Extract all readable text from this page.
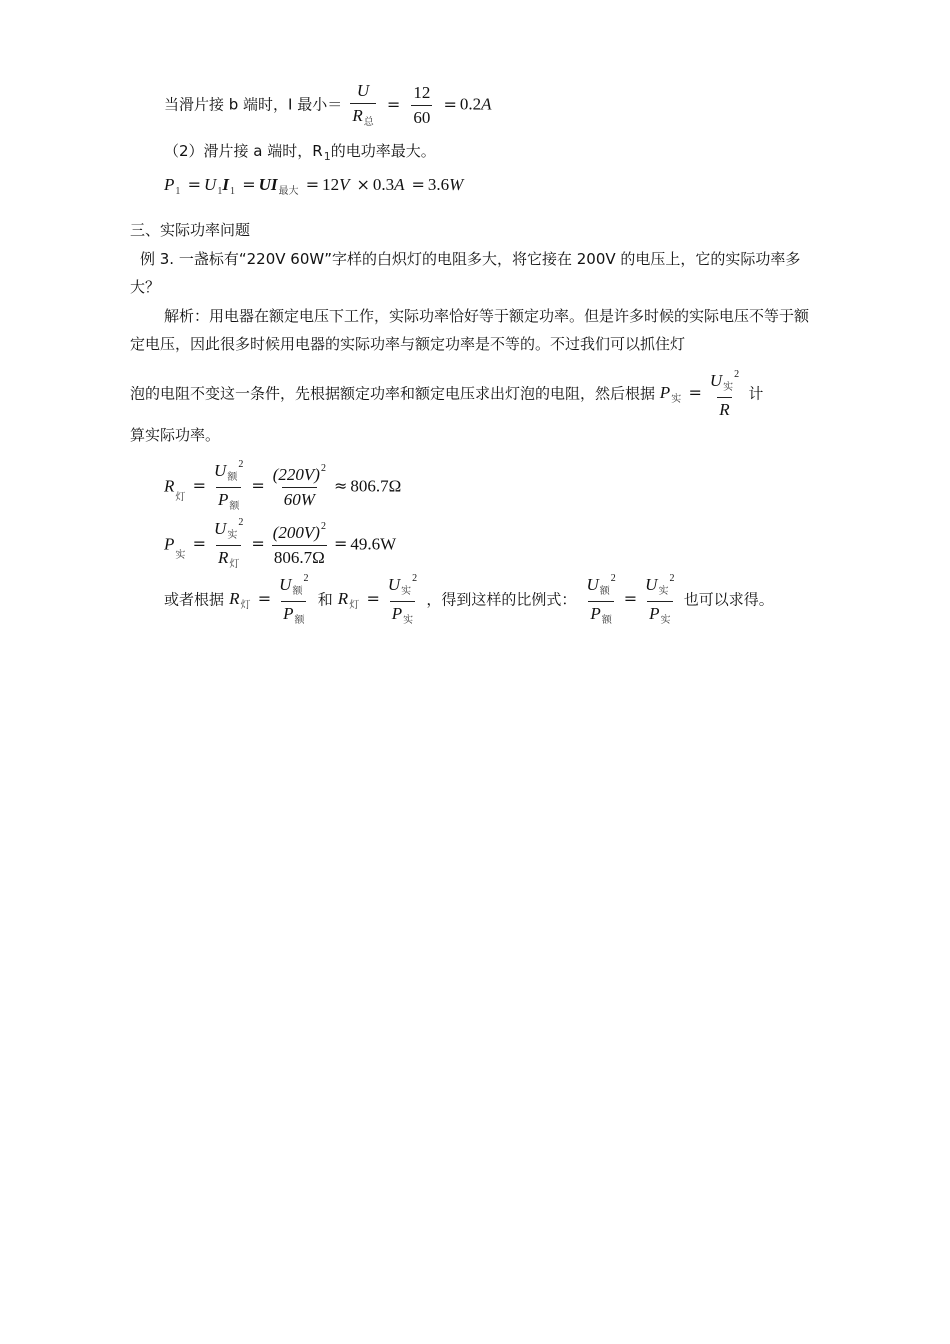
当滑片接 b 端时，I 最小＝ $\frac{U}{R_总} = \frac{12}{60} = 0.2A$
（2）滑片接 a 端时，$R_1$的电功率最大。
$P_1 = U_1I_1 = UI_{最大} = 12V \times 0.3A = 3.6W$
三、实际功率问题
例 3. 一盏标有“220V 60W”字样的白炽灯的电阻多大，将它接在 200V 的电压上，它的实际功率多大？
解析：用电器在额定电压下工作，实际功率恰好等于额定功率。但是许多时候的实际电压不等于额定电压，因此很多时候用电器的实际功率与额定功率是不等的。不过我们可以抓住灯
泡的电阻不变这一条件，先根据额定功率和额定电压求出灯泡的电阻，然后根据 $P_实 = \frac{U_实^2}{R}$ 计
算实际功率。
$R_灯 = \frac{U_额^2}{P_额} = \frac{(220V)^2}{60W} \approx 806.7\Omega$
$P_实 = \frac{U_实^2}{R_灯} = \frac{(200V)^2}{806.7\Omega} = 49.6W$
或者根据 $R_灯 = \frac{U_额^2}{P_额}$ 和 $R_灯 = \frac{U_实^2}{P_实}$ ，得到这样的比例式： $\frac{U_额^2}{P_额} = \frac{U_实^2}{P_实}$ 也可以求得。
